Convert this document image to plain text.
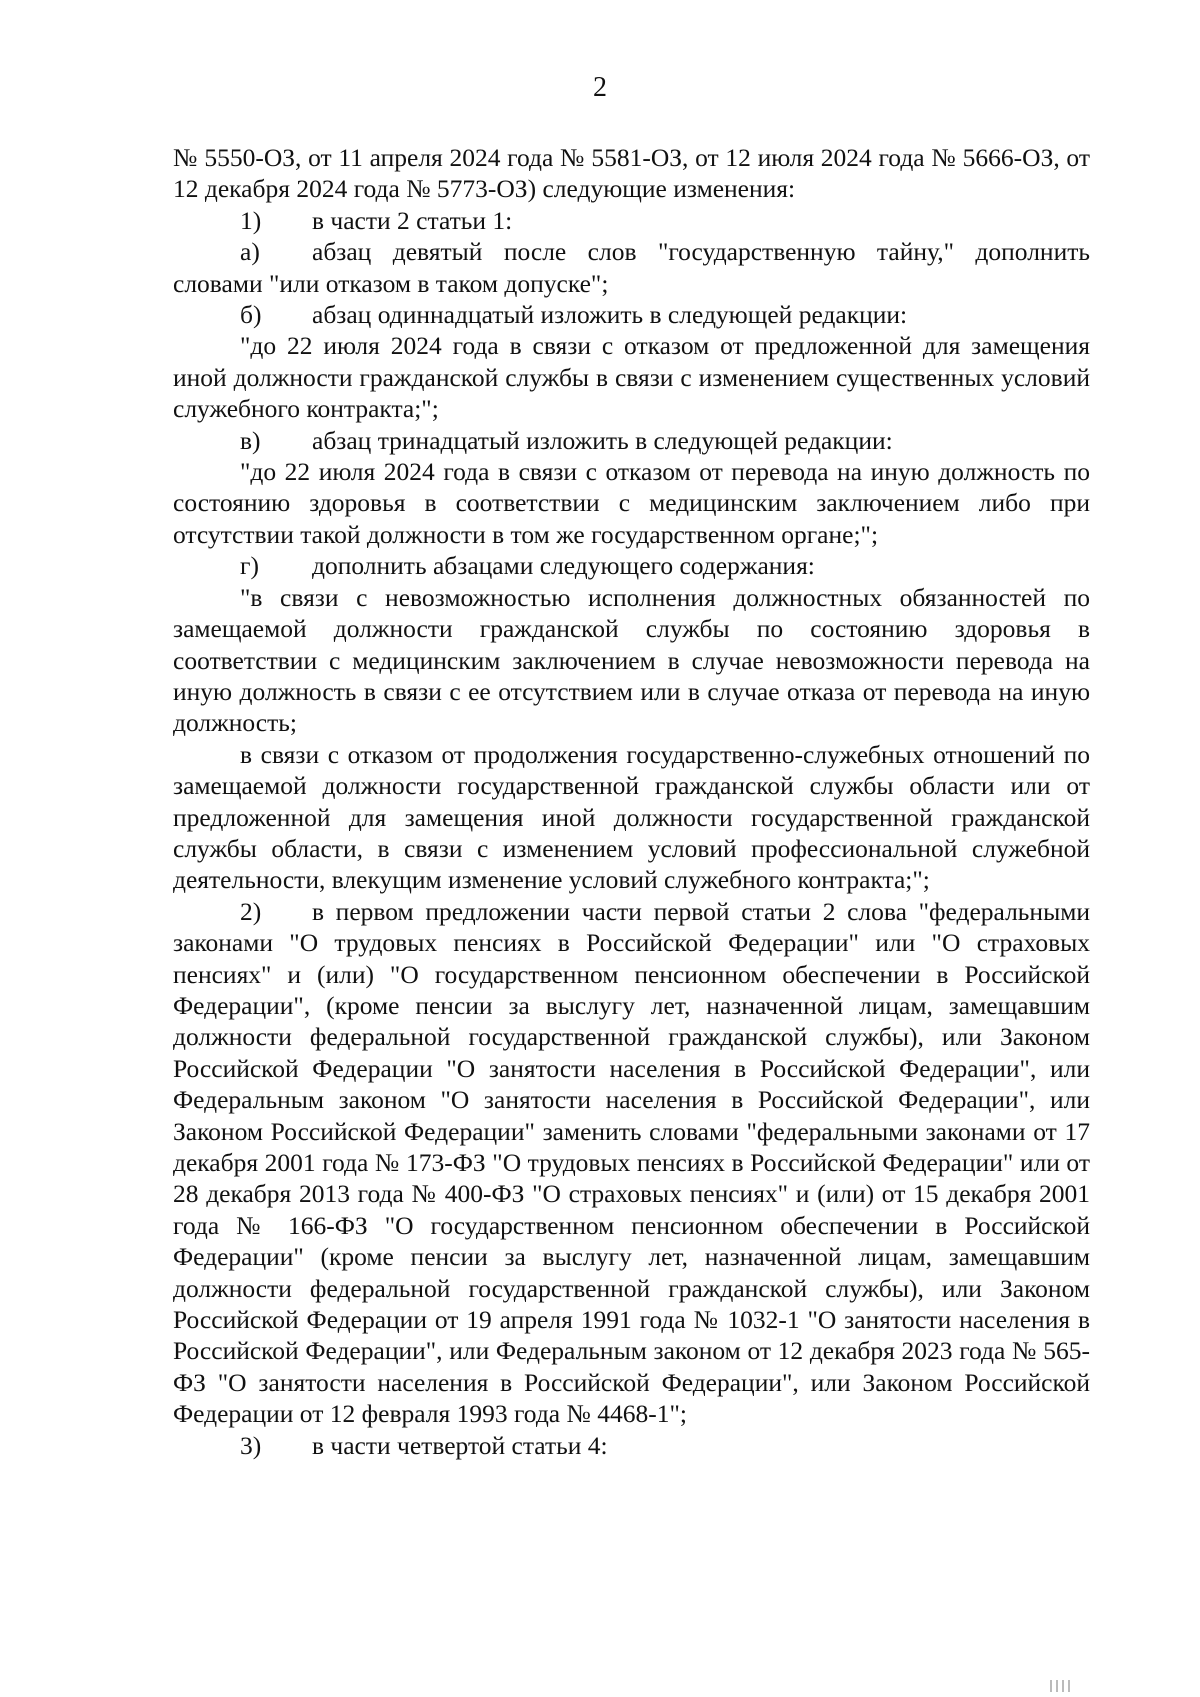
2

№ 5550-ОЗ, от 11 апреля 2024 года № 5581-ОЗ, от 12 июля 2024 года № 5666-ОЗ, от 12 декабря 2024 года № 5773-ОЗ) следующие изменения:

1)	в части 2 статьи 1:

а) абзац девятый после слов "государственную тайну," дополнить словами "или отказом в таком допуске";

б)	абзац одиннадцатый изложить в следующей редакции:

"до 22 июля 2024 года в связи с отказом от предложенной для замещения иной должности гражданской службы в связи с изменением существенных условий служебного контракта;";

в)	абзац тринадцатый изложить в следующей редакции:

"до 22 июля 2024 года в связи с отказом от перевода на иную должность по состоянию здоровья в соответствии с медицинским заключением либо при отсутствии такой должности в том же государственном органе;";

г)	дополнить абзацами следующего содержания:

"в связи с невозможностью исполнения должностных обязанностей по замещаемой должности гражданской службы по состоянию здоровья в соответствии с медицинским заключением в случае невозможности перевода на иную должность в связи с ее отсутствием или в случае отказа от перевода на иную должность;

в связи с отказом от продолжения государственно-служебных отношений по замещаемой должности государственной гражданской службы области или от предложенной для замещения иной должности государственной гражданской службы области, в связи с изменением условий профессиональной служебной деятельности, влекущим изменение условий служебного контракта;";

2) в первом предложении части первой статьи 2 слова "федеральными законами "О трудовых пенсиях в Российской Федерации" или "О страховых пенсиях" и (или) "О государственном пенсионном обеспечении в Российской Федерации", (кроме пенсии за выслугу лет, назначенной лицам, замещавшим должности федеральной государственной гражданской службы), или Законом Российской Федерации "О занятости населения в Российской Федерации", или Федеральным законом "О занятости населения в Российской Федерации", или Законом Российской Федерации" заменить словами "федеральными законами от 17 декабря 2001 года № 173-ФЗ "О трудовых пенсиях в Российской Федерации" или от 28 декабря 2013 года № 400-ФЗ "О страховых пенсиях" и (или) от 15 декабря 2001 года № 166-ФЗ "О государственном пенсионном обеспечении в Российской Федерации" (кроме пенсии за выслугу лет, назначенной лицам, замещавшим должности федеральной государственной гражданской службы), или Законом Российской Федерации от 19 апреля 1991 года № 1032-1 "О занятости населения в Российской Федерации", или Федеральным законом от 12 декабря 2023 года № 565-ФЗ "О занятости населения в Российской Федерации", или Законом Российской Федерации от 12 февраля 1993 года № 4468-1";

3)	в части четвертой статьи 4:
